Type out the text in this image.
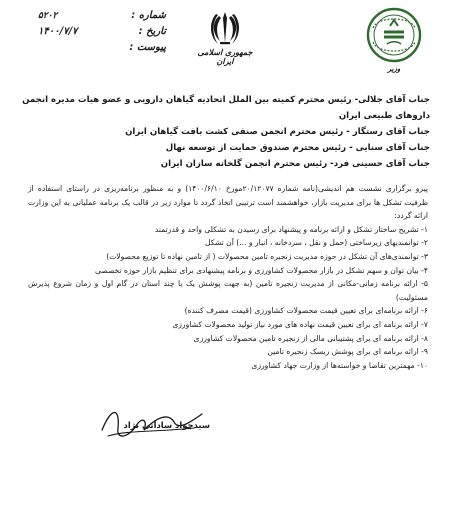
شماره :
۵۲۰۲
تاریخ :
۱۴۰۰/۷/۷
پیوست :	جمهوری اسلامی ایران
وزیر
جناب آقای جلالی- رئیس محترم کمیته بین الملل اتحادیه گیاهان دارویی و عضو هیات مدیره انجمن
داروهای طبیعی ایران
جناب آقای رستگار - رئیس محترم انجمن صنفی کشت بافت گیاهان ایران
جناب آقای سنایی - رئیس محترم صندوق حمایت از توسعه نهال
جناب آقای حسینی فرد- رئیس محترم انجمن گلخانه سازان ایران

پیرو برگزاری نشست هم اندیشی(نامه شماره ۲۰/۱۲۰۷۷مورخ ۱۴۰۰/۶/۱۰) و به منظور برنامه‌ریزی در راستای استفاده از ظرفیت تشکل ها برای مدیریت بازار، خواهشمند است ترتیبی اتخاذ گردد تا موارد زیر در قالب یک برنامه عملیاتی به این وزارت ارائه گردد:

۱- تشریح ساختار تشکل و ارائه برنامه و پیشنهاد برای رسیدن به تشکلی واحد و قدرتمند

۲- توانمندیهای زیرساختی (حمل و نقل ، سردخانه ، انبار و ...) آن تشکل

۳- توانمندی‌های آن تشکل در حوزه مدیریت زنجیره تامین محصولات ( از تامین نهاده تا توزیع محصولات)

۴- بیان توان و سهم تشکل در بازار محصولات کشاورزی و برنامه پیشنهادی برای تنظیم بازار حوزه تخصصی

۵- ارائه برنامه زمانی-مکانی از مدیریت زنجیره تامین (به جهت پوشش یک یا چند استان در گام اول و زمان شروع پذیرش مسئولیت)

۶- ارائه برنامه‌ای برای تعیین قیمت محصولات کشاورزی (قیمت مصرف کننده)

۷- ارائه برنامه ای برای تعیین قیمت نهاده های مورد نیاز تولید محصولات کشاورزی

۸- ارائه برنامه ای برای پشتیبانی مالی از زنجیره تامین محصولات کشاورزی

۹- ارائه برنامه ای برای پوشش ریسک زنجیره تامین

۱۰- مهمترین تقاضا و خواسته‌ها از وزارت جهاد کشاورزی

سیدجواد ساداتی نژاد
